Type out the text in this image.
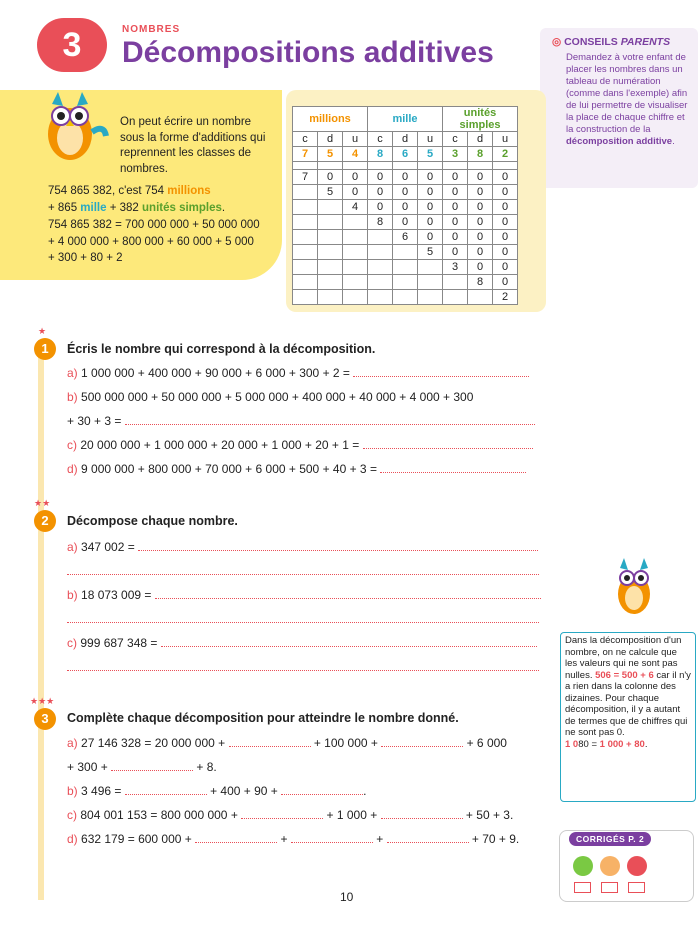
3	NOMBRES
Décompositions additives	◎ CONSEILS PARENTS
Demandez à votre enfant de placer les nombres dans un tableau de numération (comme dans l'exemple) afin de lui permettre de visualiser la place de chaque chiffre et la construction de la décomposition additive.
On peut écrire un nombre sous la forme d'additions qui reprennent les classes de nombres.
754 865 382, c'est 754 millions
+ 865 mille + 382 unités simples.
754 865 382 = 700 000 000 + 50 000 000
+ 4 000 000 + 800 000 + 60 000 + 5 000
+ 300 + 80 + 2
millions			mille			unités simples		
c	d	u	c	d	u	c	d	u
7	5	4	8	6	5	3	8	2

7	0	0	0	0	0	0	0	0
	5	0	0	0	0	0	0	0
		4	0	0	0	0	0	0
			8	0	0	0	0	0
				6	0	0	0	0
					5	0	0	0
						3	0	0
							8	0
								2
★
1	Écris le nombre qui correspond à la décomposition.
a) 1 000 000 + 400 000 + 90 000 + 6 000 + 300 + 2 =
b) 500 000 000 + 50 000 000 + 5 000 000 + 400 000 + 40 000 + 4 000 + 300
+ 30 + 3 =
c) 20 000 000 + 1 000 000 + 20 000 + 1 000 + 20 + 1 =
d) 9 000 000 + 800 000 + 70 000 + 6 000 + 500 + 40 + 3 =
★★
2	Décompose chaque nombre.
a) 347 002 =
b) 18 073 009 =
c) 999 687 348 =
★★★
3	Complète chaque décomposition pour atteindre le nombre donné.
a) 27 146 328 = 20 000 000 +	+ 100 000 +	+ 6 000
+ 300 +	+ 8.
b) 3 496 =	+ 400 + 90 +	.
c) 804 001 153 = 800 000 000 +	+ 1 000 +	+ 50 + 3.
d) 632 179 = 600 000 +	+	+	+ 70 + 9.
Dans la décomposition d'un nombre, on ne calcule que les valeurs qui ne sont pas nulles. 506 = 500 + 6 car il n'y a rien dans la colonne des dizaines. Pour chaque décomposition, il y a autant de termes que de chiffres qui ne sont pas 0.
1 080 = 1 000 + 80.
CORRIGÉS P. 2
10
